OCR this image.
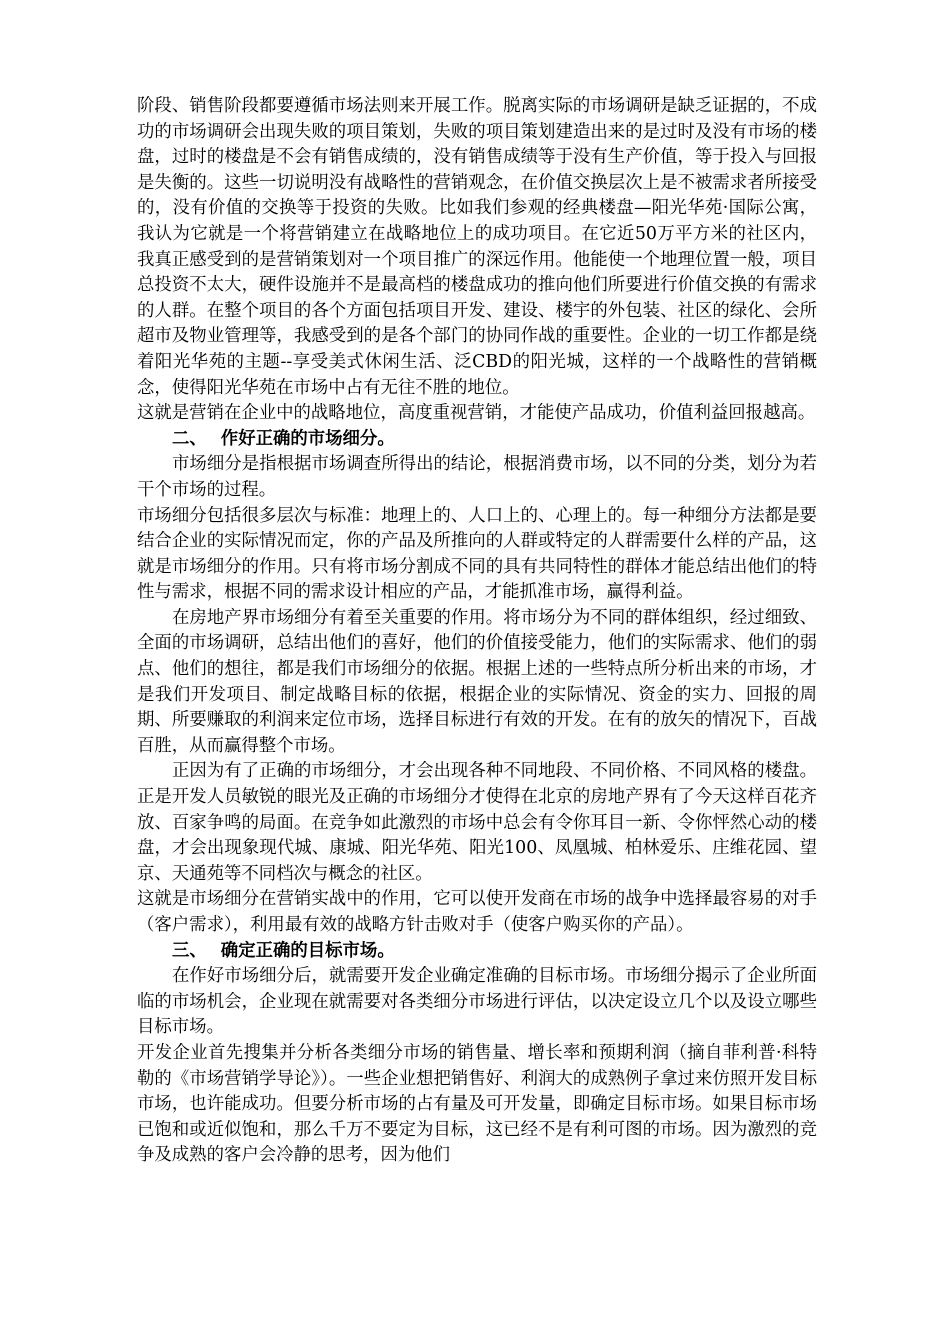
阶段、销售阶段都要遵循市场法则来开展工作。脱离实际的市场调研是缺乏证据的，不成功的市场调研会出现失败的项目策划，失败的项目策划建造出来的是过时及没有市场的楼盘，过时的楼盘是不会有销售成绩的，没有销售成绩等于没有生产价值，等于投入与回报是失衡的。这些一切说明没有战略性的营销观念，在价值交换层次上是不被需求者所接受的，没有价值的交换等于投资的失败。比如我们参观的经典楼盘—阳光华苑·国际公寓，我认为它就是一个将营销建立在战略地位上的成功项目。在它近50万平方米的社区内，我真正感受到的是营销策划对一个项目推广的深远作用。他能使一个地理位置一般，项目总投资不太大，硬件设施并不是最高档的楼盘成功的推向他们所要进行价值交换的有需求的人群。在整个项目的各个方面包括项目开发、建设、楼宇的外包装、社区的绿化、会所超市及物业管理等，我感受到的是各个部门的协同作战的重要性。企业的一切工作都是绕着阳光华苑的主题--享受美式休闲生活、泛CBD的阳光城，这样的一个战略性的营销概念，使得阳光华苑在市场中占有无往不胜的地位。

这就是营销在企业中的战略地位，高度重视营销，才能使产品成功，价值利益回报越高。

二、 作好正确的市场细分。

市场细分是指根据市场调查所得出的结论，根据消费市场，以不同的分类，划分为若干个市场的过程。

市场细分包括很多层次与标准：地理上的、人口上的、心理上的。每一种细分方法都是要结合企业的实际情况而定，你的产品及所推向的人群或特定的人群需要什么样的产品，这就是市场细分的作用。只有将市场分割成不同的具有共同特性的群体才能总结出他们的特性与需求，根据不同的需求设计相应的产品，才能抓准市场，赢得利益。

在房地产界市场细分有着至关重要的作用。将市场分为不同的群体组织，经过细致、全面的市场调研，总结出他们的喜好，他们的价值接受能力，他们的实际需求、他们的弱点、他们的想往，都是我们市场细分的依据。根据上述的一些特点所分析出来的市场，才是我们开发项目、制定战略目标的依据，根据企业的实际情况、资金的实力、回报的周期、所要赚取的利润来定位市场，选择目标进行有效的开发。在有的放矢的情况下，百战百胜，从而赢得整个市场。

正因为有了正确的市场细分，才会出现各种不同地段、不同价格、不同风格的楼盘。正是开发人员敏锐的眼光及正确的市场细分才使得在北京的房地产界有了今天这样百花齐放、百家争鸣的局面。在竞争如此激烈的市场中总会有令你耳目一新、令你怦然心动的楼盘，才会出现象现代城、康城、阳光华苑、阳光100、凤凰城、柏林爱乐、庄维花园、望京、天通苑等不同档次与概念的社区。

这就是市场细分在营销实战中的作用，它可以使开发商在市场的战争中选择最容易的对手（客户需求），利用最有效的战略方针击败对手（使客户购买你的产品）。

三、 确定正确的目标市场。

在作好市场细分后，就需要开发企业确定准确的目标市场。市场细分揭示了企业所面临的市场机会，企业现在就需要对各类细分市场进行评估，以决定设立几个以及设立哪些目标市场。

开发企业首先搜集并分析各类细分市场的销售量、增长率和预期利润（摘自菲利普·科特勒的《市场营销学导论》）。一些企业想把销售好、利润大的成熟例子拿过来仿照开发目标市场，也许能成功。但要分析市场的占有量及可开发量，即确定目标市场。如果目标市场已饱和或近似饱和，那么千万不要定为目标，这已经不是有利可图的市场。因为激烈的竞争及成熟的客户会冷静的思考，因为他们
